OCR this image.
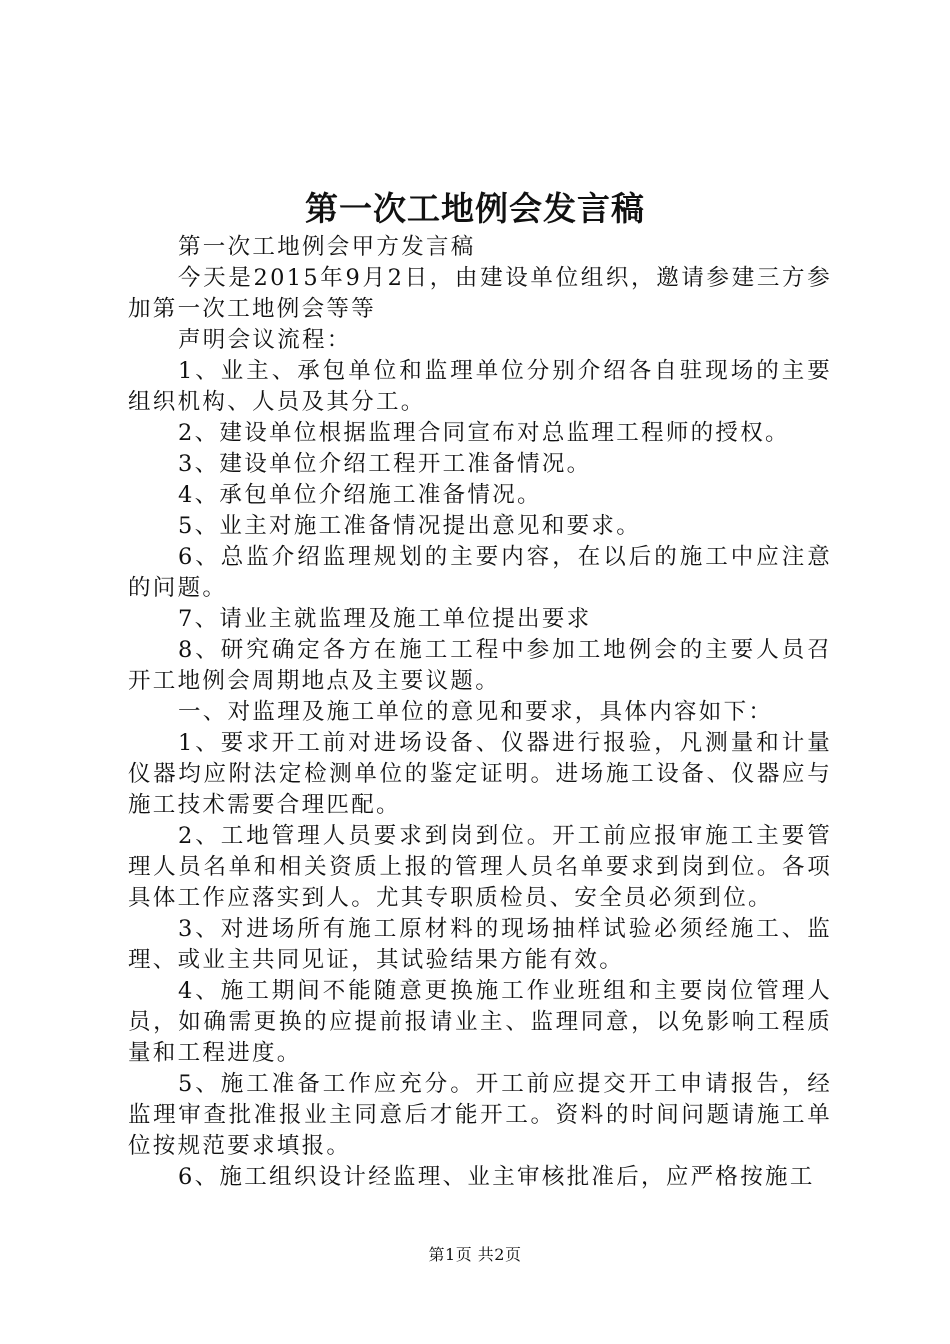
第一次工地例会发言稿

第一次工地例会甲方发言稿

今天是2015年9月2日，由建设单位组织，邀请参建三方参加第一次工地例会等等

声明会议流程：

1、业主、承包单位和监理单位分别介绍各自驻现场的主要组织机构、人员及其分工。

2、建设单位根据监理合同宣布对总监理工程师的授权。

3、建设单位介绍工程开工准备情况。

4、承包单位介绍施工准备情况。

5、业主对施工准备情况提出意见和要求。

6、总监介绍监理规划的主要内容，在以后的施工中应注意的问题。

7、请业主就监理及施工单位提出要求

8、研究确定各方在施工工程中参加工地例会的主要人员召开工地例会周期地点及主要议题。

一、对监理及施工单位的意见和要求，具体内容如下：

1、要求开工前对进场设备、仪器进行报验，凡测量和计量仪器均应附法定检测单位的鉴定证明。进场施工设备、仪器应与施工技术需要合理匹配。

2、工地管理人员要求到岗到位。开工前应报审施工主要管理人员名单和相关资质上报的管理人员名单要求到岗到位。各项具体工作应落实到人。尤其专职质检员、安全员必须到位。

3、对进场所有施工原材料的现场抽样试验必须经施工、监理、或业主共同见证，其试验结果方能有效。

4、施工期间不能随意更换施工作业班组和主要岗位管理人员，如确需更换的应提前报请业主、监理同意，以免影响工程质量和工程进度。

5、施工准备工作应充分。开工前应提交开工申请报告，经监理审查批准报业主同意后才能开工。资料的时间问题请施工单位按规范要求填报。

6、施工组织设计经监理、业主审核批准后，应严格按施工

第1页 共2页
